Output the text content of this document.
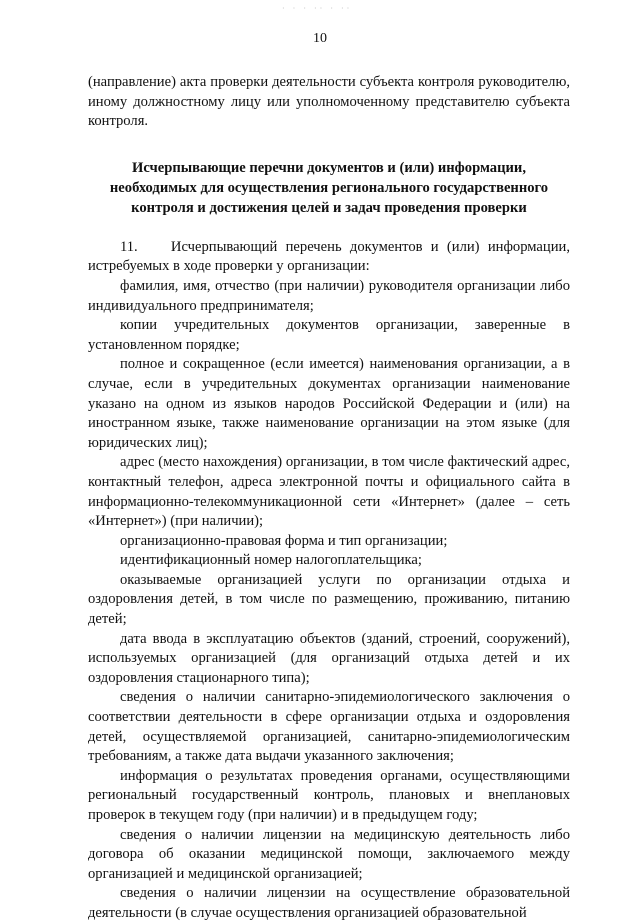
· · · ·· · ··
10

(направление) акта проверки деятельности субъекта контроля руководителю, иному должностному лицу или уполномоченному представителю субъекта контроля.

Исчерпывающие перечни документов и (или) информации,
необходимых для осуществления регионального государственного
контроля и достижения целей и задач проведения проверки

11.    Исчерпывающий перечень документов и (или) информации, истребуемых в ходе проверки у организации:

фамилия, имя, отчество (при наличии) руководителя организации либо индивидуального предпринимателя;

копии учредительных документов организации, заверенные в установленном порядке;

полное и сокращенное (если имеется) наименования организации, а в случае, если в учредительных документах организации наименование указано на одном из языков народов Российской Федерации и (или) на иностранном языке, также наименование организации на этом языке (для юридических лиц);

адрес (место нахождения) организации, в том числе фактический адрес, контактный телефон, адреса электронной почты и официального сайта в информационно-телекоммуникационной сети «Интернет» (далее – сеть «Интернет») (при наличии);

организационно-правовая форма и тип организации;

идентификационный номер налогоплательщика;

оказываемые организацией услуги по организации отдыха и оздоровления детей, в том числе по размещению, проживанию, питанию детей;

дата ввода в эксплуатацию объектов (зданий, строений, сооружений), используемых организацией (для организаций отдыха детей и их оздоровления стационарного типа);

сведения о наличии санитарно-эпидемиологического заключения о соответствии деятельности в сфере организации отдыха и оздоровления детей, осуществляемой организацией, санитарно-эпидемиологическим требованиям, а также дата выдачи указанного заключения;

информация о результатах проведения органами, осуществляющими региональный государственный контроль, плановых и внеплановых проверок в текущем году (при наличии) и в предыдущем году;

сведения о наличии лицензии на медицинскую деятельность либо договора об оказании медицинской помощи, заключаемого между организацией и медицинской организацией;

сведения о наличии лицензии на осуществление образовательной деятельности (в случае осуществления организацией образовательной
